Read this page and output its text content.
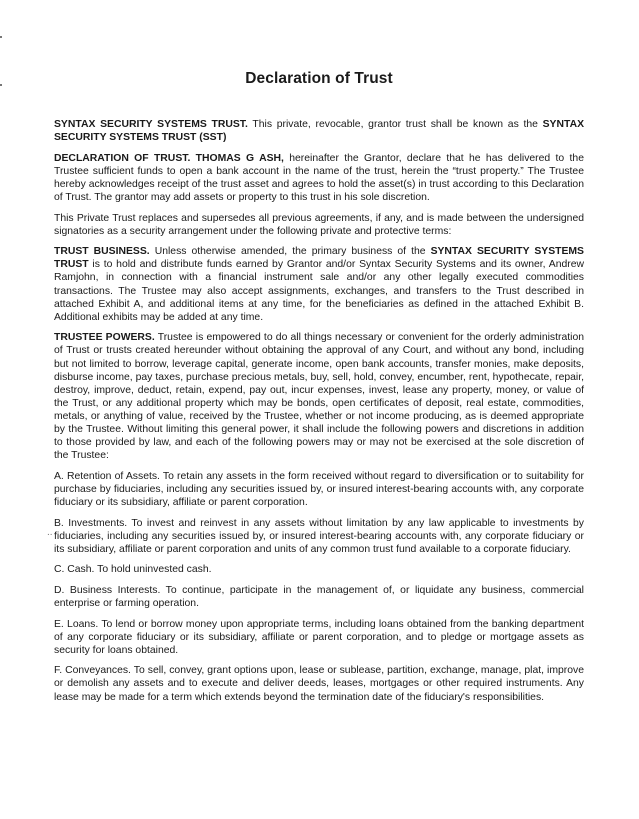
..
Declaration of Trust

SYNTAX SECURITY SYSTEMS TRUST. This private, revocable, grantor trust shall be known as the SYNTAX SECURITY SYSTEMS TRUST (SST)

DECLARATION OF TRUST. THOMAS G ASH, hereinafter the Grantor, declare that he has delivered to the Trustee sufficient funds to open a bank account in the name of the trust, herein the “trust property.” The Trustee hereby acknowledges receipt of the trust asset and agrees to hold the asset(s) in trust according to this Declaration of Trust. The grantor may add assets or property to this trust in his sole discretion.

This Private Trust replaces and supersedes all previous agreements, if any, and is made between the undersigned signatories as a security arrangement under the following private and protective terms:

TRUST BUSINESS. Unless otherwise amended, the primary business of the SYNTAX SECURITY SYSTEMS TRUST is to hold and distribute funds earned by Grantor and/or Syntax Security Systems and its owner, Andrew Ramjohn, in connection with a financial instrument sale and/or any other legally executed commodities transactions. The Trustee may also accept assignments, exchanges, and transfers to the Trust described in attached Exhibit A, and additional items at any time, for the beneficiaries as defined in the attached Exhibit B. Additional exhibits may be added at any time.

TRUSTEE POWERS. Trustee is empowered to do all things necessary or convenient for the orderly administration of Trust or trusts created hereunder without obtaining the approval of any Court, and without any bond, including but not limited to borrow, leverage capital, generate income, open bank accounts, transfer monies, make deposits, disburse income, pay taxes, purchase precious metals, buy, sell, hold, convey, encumber, rent, hypothecate, repair, destroy, improve, deduct, retain, expend, pay out, incur expenses, invest, lease any property, money, or value of the Trust, or any additional property which may be bonds, open certificates of deposit, real estate, commodities, metals, or anything of value, received by the Trustee, whether or not income producing, as is deemed appropriate by the Trustee. Without limiting this general power, it shall include the following powers and discretions in addition to those provided by law, and each of the following powers may or may not be exercised at the sole discretion of the Trustee:

A. Retention of Assets. To retain any assets in the form received without regard to diversification or to suitability for purchase by fiduciaries, including any securities issued by, or insured interest-bearing accounts with, any corporate fiduciary or its subsidiary, affiliate or parent corporation.

B. Investments. To invest and reinvest in any assets without limitation by any law applicable to investments by fiduciaries, including any securities issued by, or insured interest-bearing accounts with, any corporate fiduciary or its subsidiary, affiliate or parent corporation and units of any common trust fund available to a corporate fiduciary.

C. Cash. To hold uninvested cash.

D. Business Interests. To continue, participate in the management of, or liquidate any business, commercial enterprise or farming operation.

E. Loans. To lend or borrow money upon appropriate terms, including loans obtained from the banking department of any corporate fiduciary or its subsidiary, affiliate or parent corporation, and to pledge or mortgage assets as security for loans obtained.

F. Conveyances. To sell, convey, grant options upon, lease or sublease, partition, exchange, manage, plat, improve or demolish any assets and to execute and deliver deeds, leases, mortgages or other required instruments. Any lease may be made for a term which extends beyond the termination date of the fiduciary's responsibilities.
